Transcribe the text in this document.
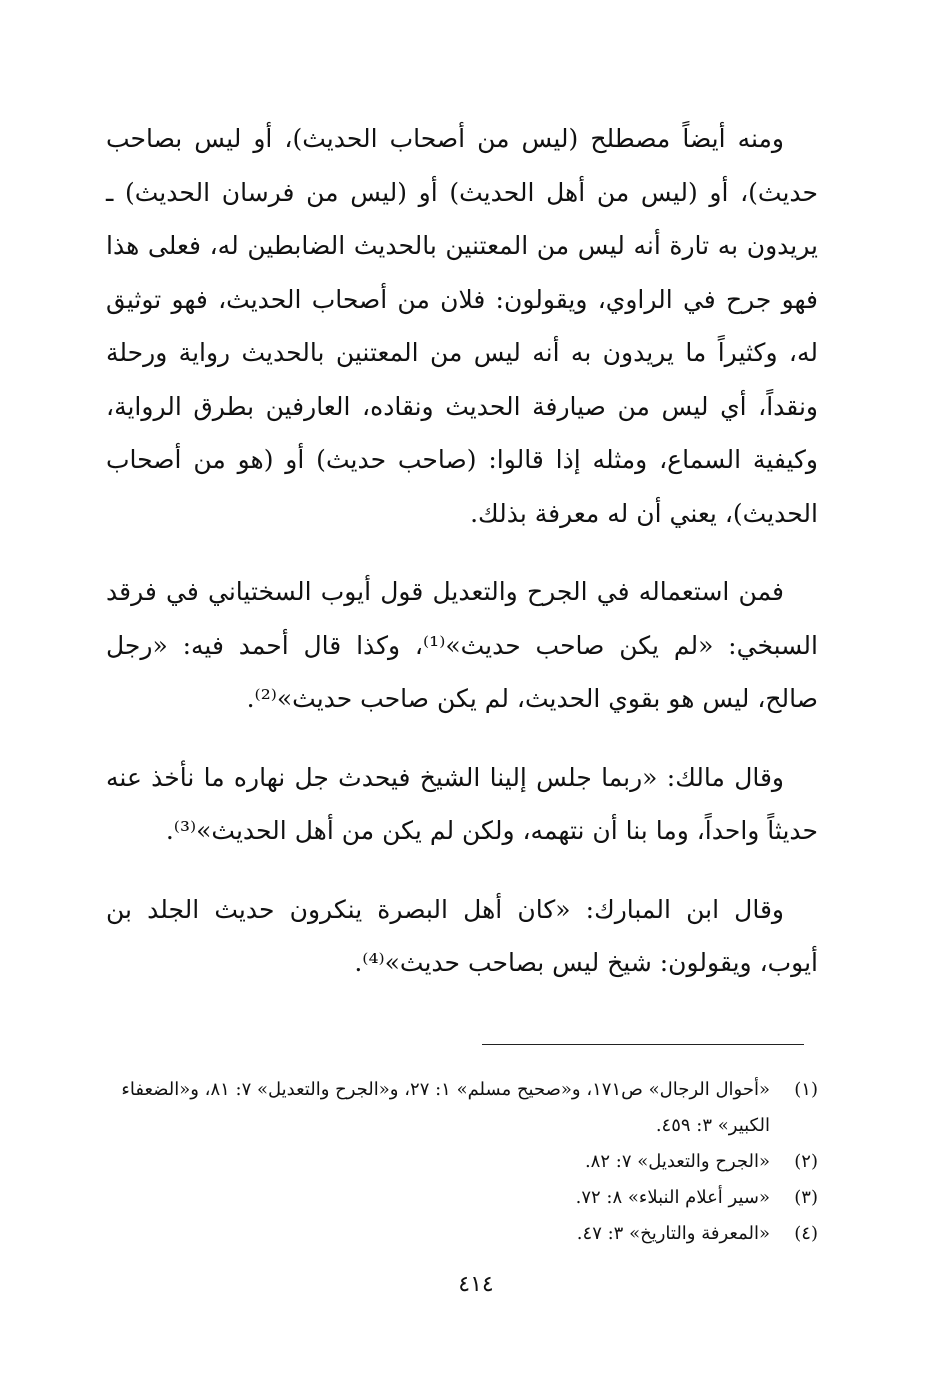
ومنه أيضاً مصطلح (ليس من أصحاب الحديث)، أو ليس بصاحب حديث)، أو (ليس من أهل الحديث) أو (ليس من فرسان الحديث) ـ يريدون به تارة أنه ليس من المعتنين بالحديث الضابطين له، فعلى هذا فهو جرح في الراوي، ويقولون: فلان من أصحاب الحديث، فهو توثيق له، وكثيراً ما يريدون به أنه ليس من المعتنين بالحديث رواية ورحلة ونقداً، أي ليس من صيارفة الحديث ونقاده، العارفين بطرق الرواية، وكيفية السماع، ومثله إذا قالوا: (صاحب حديث) أو (هو من أصحاب الحديث)، يعني أن له معرفة بذلك.

فمن استعماله في الجرح والتعديل قول أيوب السختياني في فرقد السبخي: «لم يكن صاحب حديث»⁽¹⁾، وكذا قال أحمد فيه: «رجل صالح، ليس هو بقوي الحديث، لم يكن صاحب حديث»⁽²⁾.

وقال مالك: «ربما جلس إلينا الشيخ فيحدث جل نهاره ما نأخذ عنه حديثاً واحداً، وما بنا أن نتهمه، ولكن لم يكن من أهل الحديث»⁽³⁾.

وقال ابن المبارك: «كان أهل البصرة ينكرون حديث الجلد بن أيوب، ويقولون: شيخ ليس بصاحب حديث»⁽⁴⁾.

(١)
«أحوال الرجال» ص١٧١، و«صحيح مسلم» ١: ٢٧، و«الجرح والتعديل» ٧: ٨١، و«الضعفاء الكبير» ٣: ٤٥٩.
(٢)
«الجرح والتعديل» ٧: ٨٢.
(٣)
«سير أعلام النبلاء» ٨: ٧٢.
(٤)
«المعرفة والتاريخ» ٣: ٤٧.
٤١٤
